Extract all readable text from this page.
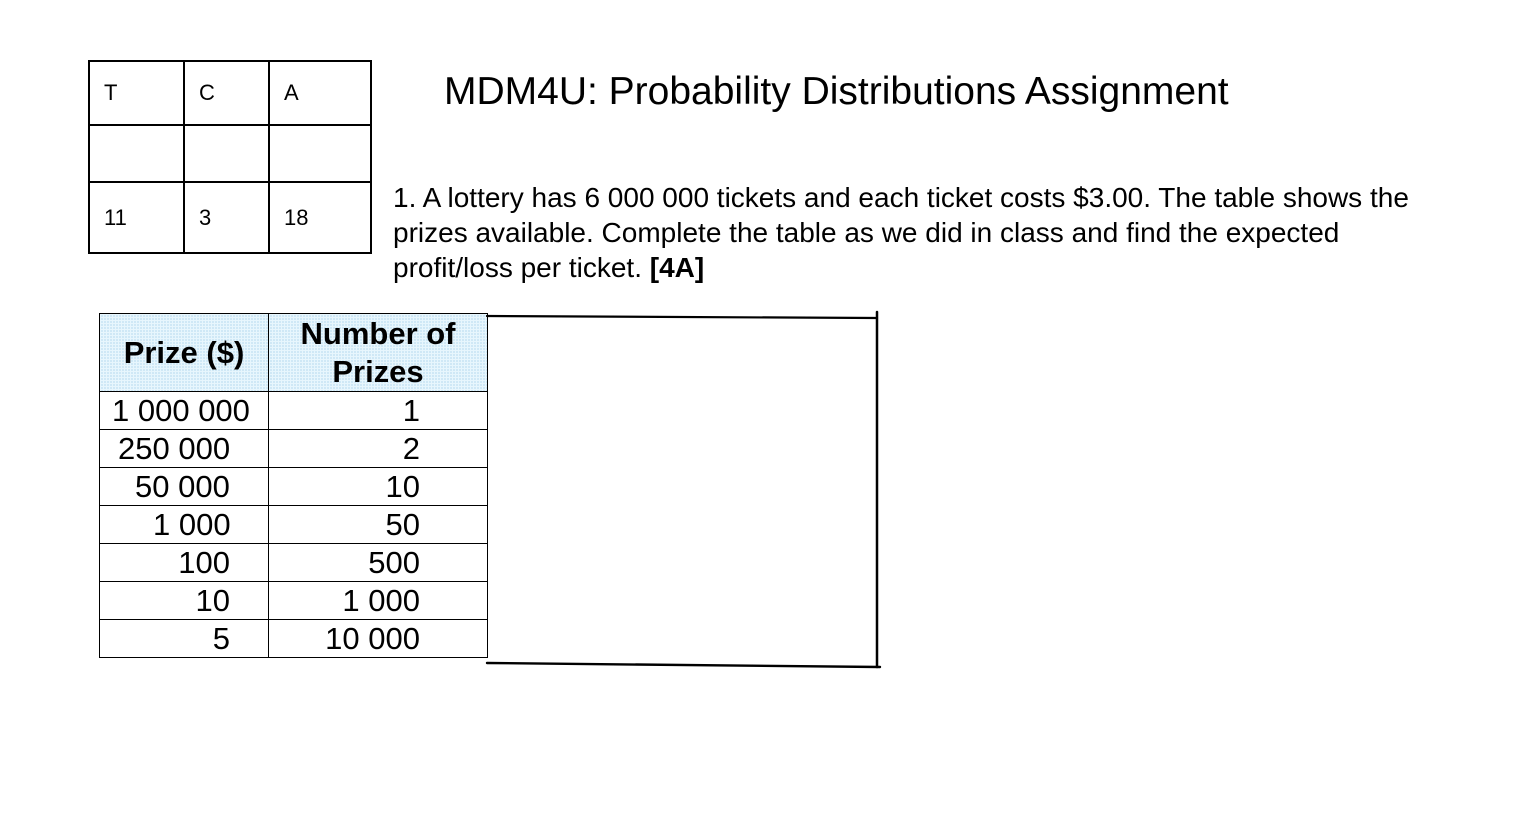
T	C	A

11	3	18
MDM4U: Probability Distributions Assignment
1. A lottery has 6 000 000 tickets and each ticket costs $3.00. The table shows the prizes available. Complete the table as we did in class and find the expected profit/loss per ticket. [4A]
Prize ($)	Number of
Prizes
1 000 000	1
250 000	2
50 000	10
1 000	50
100	500
10	1 000
5	10 000
